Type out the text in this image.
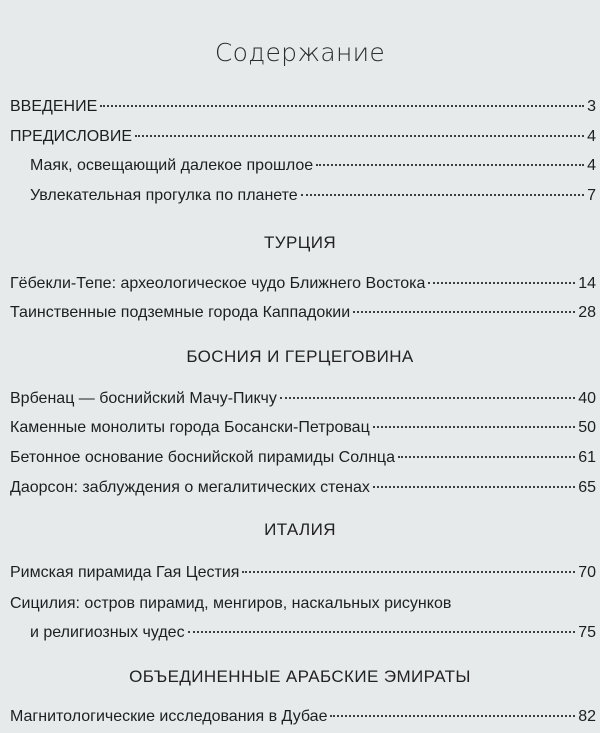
Содержание
ВВЕДЕНИЕ	3
ПРЕДИСЛОВИЕ	4
Маяк, освещающий далекое прошлое	4
Увлекательная прогулка по планете	7
ТУРЦИЯ
Гёбекли-Тепе: археологическое чудо Ближнего Востока	14
Таинственные подземные города Каппадокии	28
БОСНИЯ И ГЕРЦЕГОВИНА
Врбенац — боснийский Мачу-Пикчу	40
Каменные монолиты города Босански-Петровац	50
Бетонное основание боснийской пирамиды Солнца	61
Даорсон: заблуждения о мегалитических стенах	65
ИТАЛИЯ
Римская пирамида Гая Цестия	70
Сицилия: остров пирамид, менгиров, наскальных рисунков
и религиозных чудес	75
ОБЪЕДИНЕННЫЕ АРАБСКИЕ ЭМИРАТЫ
Магнитологические исследования в Дубае	82
